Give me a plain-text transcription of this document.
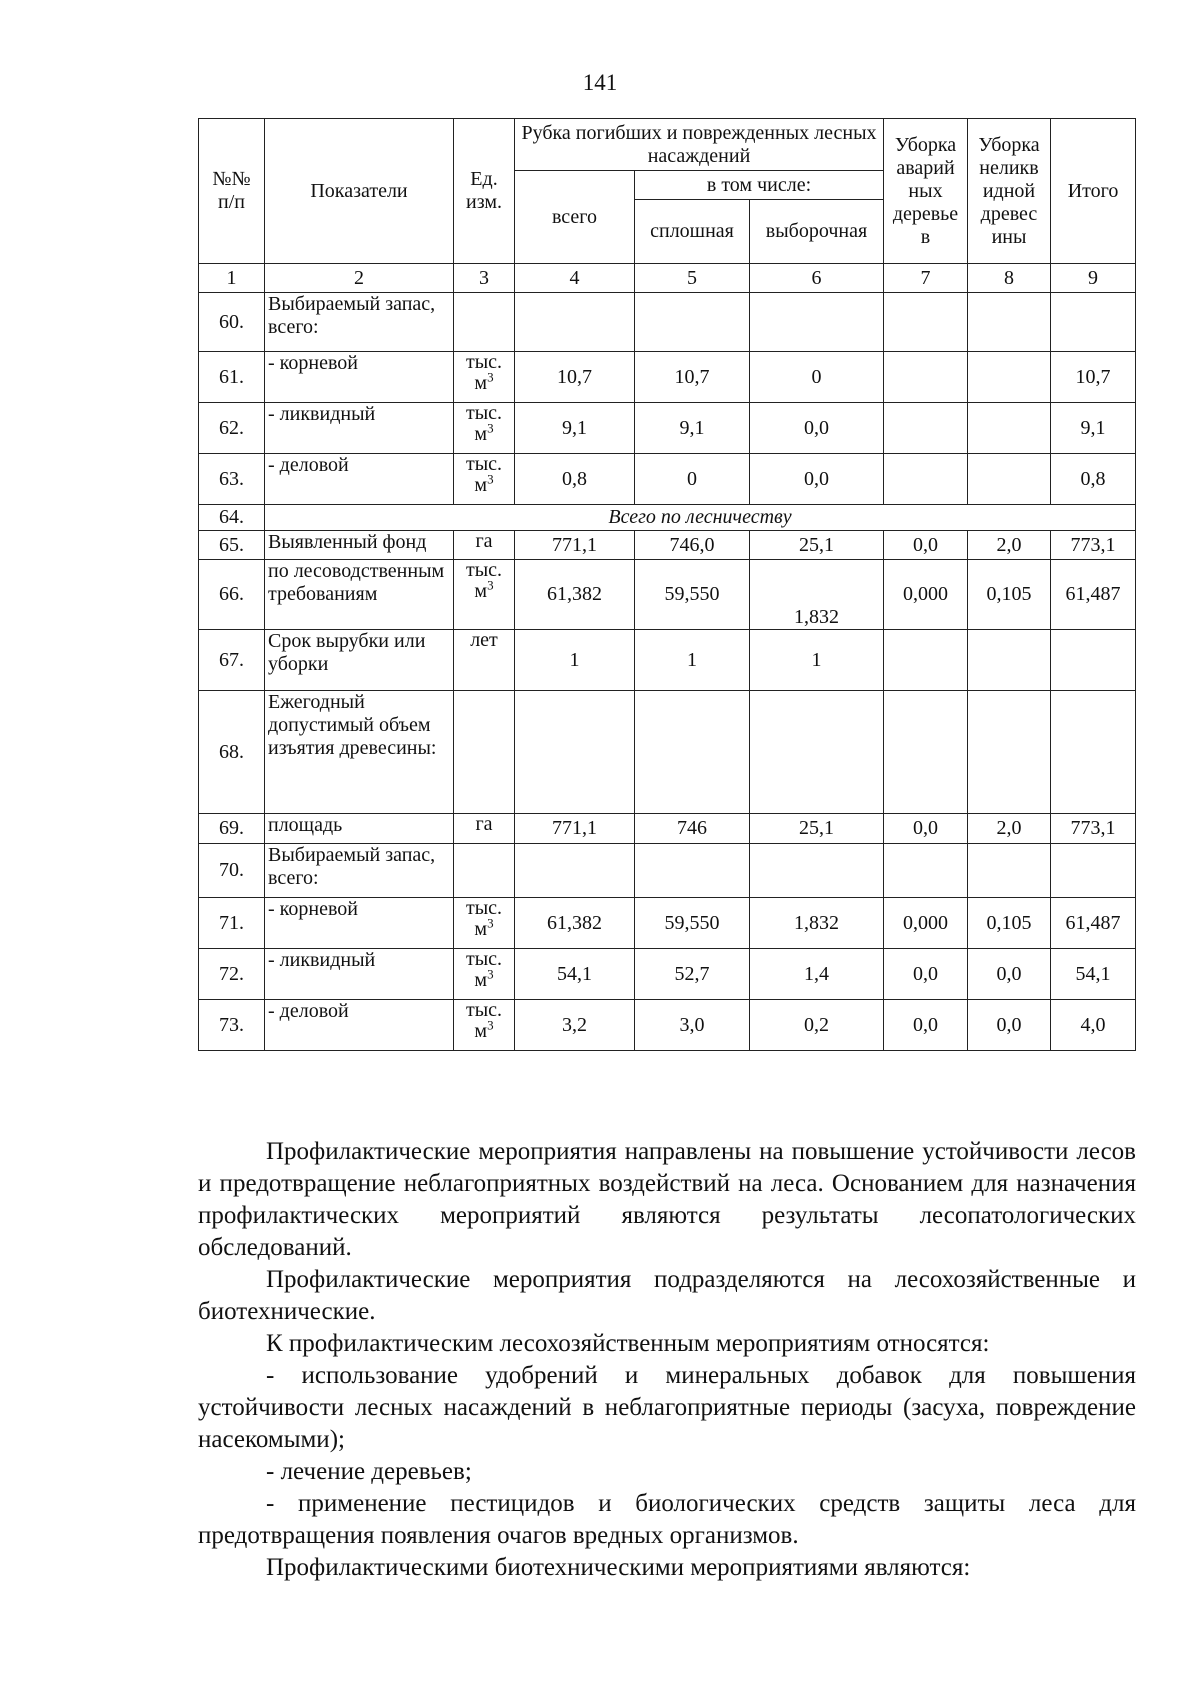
141
№№ п/п	Показатели	Ед. изм.	Рубка погибших и поврежденных лесных насаждений			Уборка аварий ных деревье в	Уборка неликв идной древес ины	Итого
			всего	в том числе:				
				сплошная	выборочная			
1	2	3	4	5	6	7	8	9
60.	Выбираемый запас, всего:							
61.	- корневой	тыс. $м^3$	10,7	10,7	0			10,7
62.	- ликвидный	тыс. $м^3$	9,1	9,1	0,0			9,1
63.	- деловой	тыс. $м^3$	0,8	0	0,0			0,8
64.	Всего по лесничеству							
65.	Выявленный фонд	га	771,1	746,0	25,1	0,0	2,0	773,1
66.	по лесоводственным требованиям	тыс. $м^3$	61,382	59,550	1,832	0,000	0,105	61,487
67.	Срок вырубки или уборки	лет	1	1	1			
68.	Ежегодный допустимый объем изъятия древесины:							
69.	площадь	га	771,1	746	25,1	0,0	2,0	773,1
70.	Выбираемый запас, всего:							
71.	- корневой	тыс. $м^3$	61,382	59,550	1,832	0,000	0,105	61,487
72.	- ликвидный	тыс. $м^3$	54,1	52,7	1,4	0,0	0,0	54,1
73.	- деловой	тыс. $м^3$	3,2	3,0	0,2	0,0	0,0	4,0

Профилактические мероприятия направлены на повышение устойчивости лесов и предотвращение неблагоприятных воздействий на леса. Основанием для назначения профилактических мероприятий являются результаты лесопатологических обследований.

Профилактические мероприятия подразделяются на лесохозяйственные и биотехнические.

К профилактическим лесохозяйственным мероприятиям относятся:

- использование удобрений и минеральных добавок для повышения устойчивости лесных насаждений в неблагоприятные периоды (засуха, повреждение насекомыми);

- лечение деревьев;

- применение пестицидов и биологических средств защиты леса для предотвращения появления очагов вредных организмов.

Профилактическими биотехническими мероприятиями являются:
